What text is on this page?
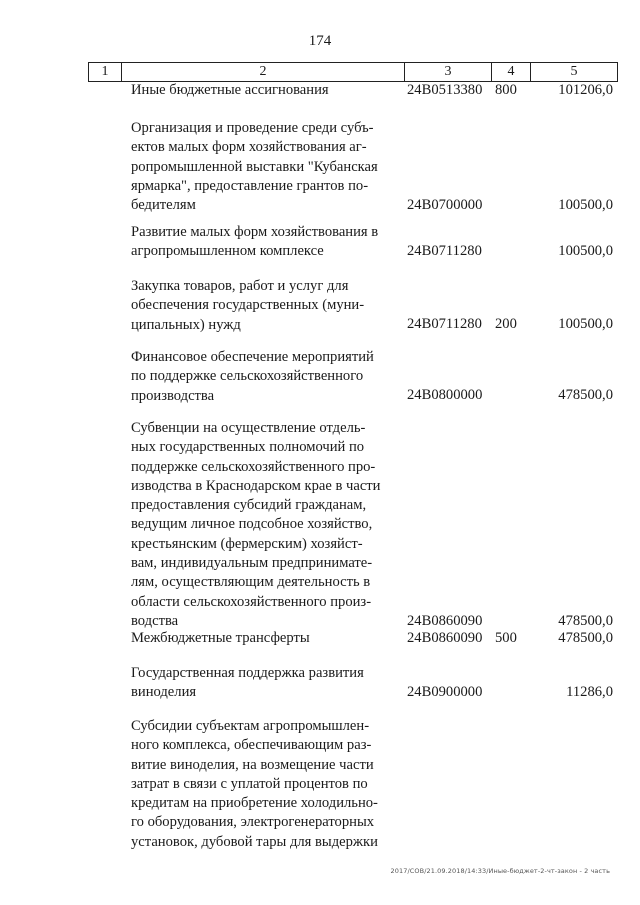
174
1	2	3	4	5
Иные бюджетные ассигнования	24В0513380 800	101206,0
Организация и проведение среди субъ-
ектов малых форм хозяйствования аг-
ропромышленной выставки "Кубанская
ярмарка", предоставление грантов по-
бедителям	24В0700000	100500,0
Развитие малых форм хозяйствования в
агропромышленном комплексе	24В0711280	100500,0
Закупка товаров, работ и услуг для
обеспечения государственных (муни-
ципальных) нужд	24В0711280 200	100500,0
Финансовое обеспечение мероприятий
по поддержке сельскохозяйственного
производства	24В0800000	478500,0
Субвенции на осуществление отдель-
ных государственных полномочий по
поддержке сельскохозяйственного про-
изводства в Краснодарском крае в части
предоставления субсидий гражданам,
ведущим личное подсобное хозяйство,
крестьянским (фермерским) хозяйст-
вам, индивидуальным предпринимате-
лям, осуществляющим деятельность в
области сельскохозяйственного произ-
водства	24В0860090	478500,0
Межбюджетные трансферты	24В0860090 500	478500,0
Государственная поддержка развития
виноделия	24В0900000	11286,0
Субсидии субъектам агропромышлен-
ного комплекса, обеспечивающим раз-
витие виноделия, на возмещение части
затрат в связи с уплатой процентов по
кредитам на приобретение холодильно-
го оборудования, электрогенераторных
установок, дубовой тары для выдержки
2017/СОВ/21.09.2018/14:33/Иные-бюджет-2-чт-закон - 2 часть
